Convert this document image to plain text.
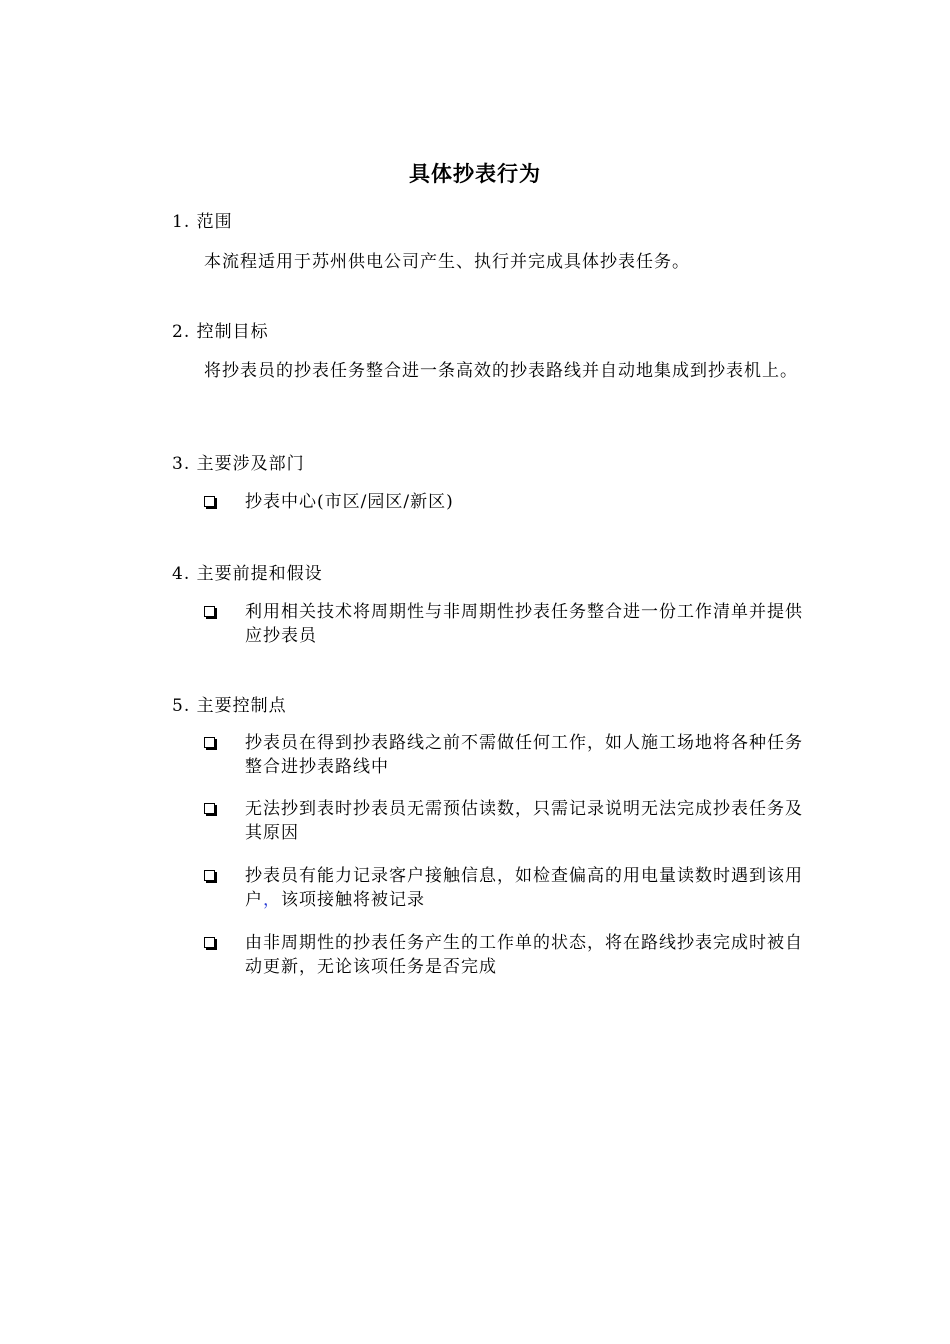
具体抄表行为
1. 范围
本流程适用于苏州供电公司产生、执行并完成具体抄表任务。
2. 控制目标
将抄表员的抄表任务整合进一条高效的抄表路线并自动地集成到抄表机上。
3. 主要涉及部门
抄表中心(市区/园区/新区)
4. 主要前提和假设
利用相关技术将周期性与非周期性抄表任务整合进一份工作清单并提供应抄表员
5. 主要控制点
抄表员在得到抄表路线之前不需做任何工作，如人施工场地将各种任务整合进抄表路线中
无法抄到表时抄表员无需预估读数，只需记录说明无法完成抄表任务及其原因
抄表员有能力记录客户接触信息，如检查偏高的用电量读数时遇到该用户，该项接触将被记录
由非周期性的抄表任务产生的工作单的状态，将在路线抄表完成时被自动更新，无论该项任务是否完成
